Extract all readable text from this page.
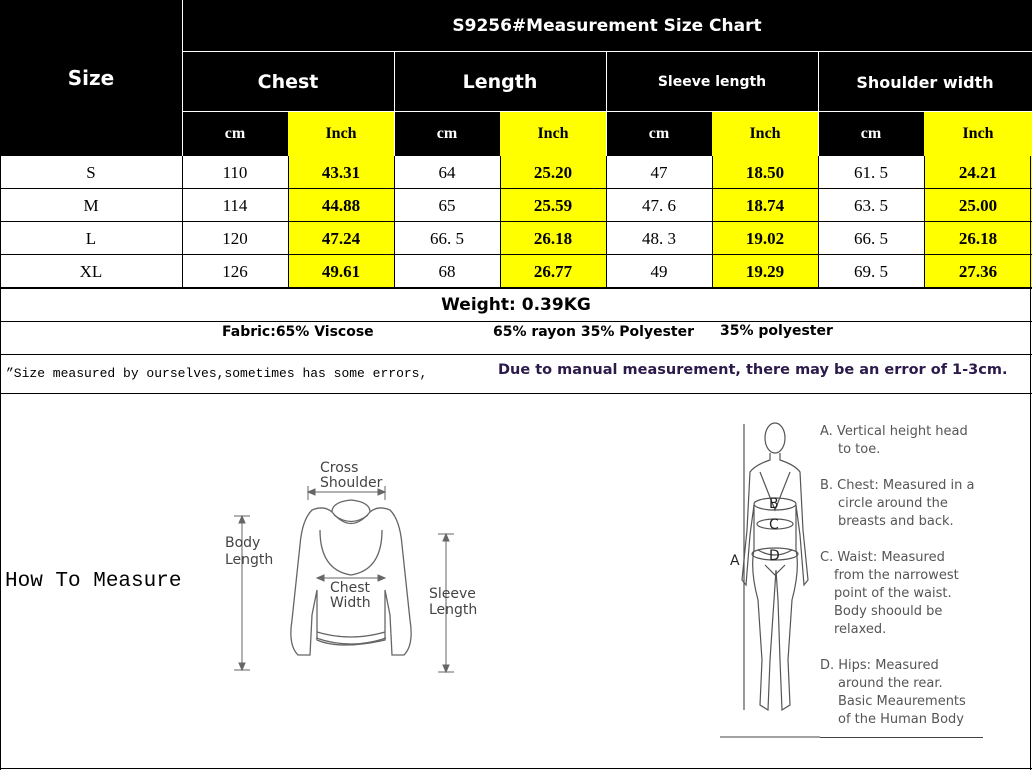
Size
S9256#Measurement Size Chart
Chest	Length	Sleeve length	Shoulder width
cm	Inch	cm	Inch	cm	Inch	cm	Inch
S	110	43.31	64	25.20	47	18.50	61. 5	24.21
M	114	44.88	65	25.59	47. 6	18.74	63. 5	25.00
L	120	47.24	66. 5	26.18	48. 3	19.02	66. 5	26.18
XL	126	49.61	68	26.77	49	19.29	69. 5	27.36
Weight: 0.39KG
Fabric:65% Viscose	65% rayon 35% Polyester 35% polyester
”Size measured by ourselves,sometimes has some errors,	Due to manual measurement, there may be an error of 1-3cm.
How To Measure
Cross
Shoulder
Body
Length
Chest
Width
Sleeve
Length
B
C
D
A
A. Vertical height head
to toe.
B. Chest: Measured in a
circle around the
breasts and back.
C. Waist: Measured
from the narrowest
point of the waist.
Body shoould be
relaxed.
D. Hips: Measured
around the rear.
Basic Meaurements
of the Human Body
